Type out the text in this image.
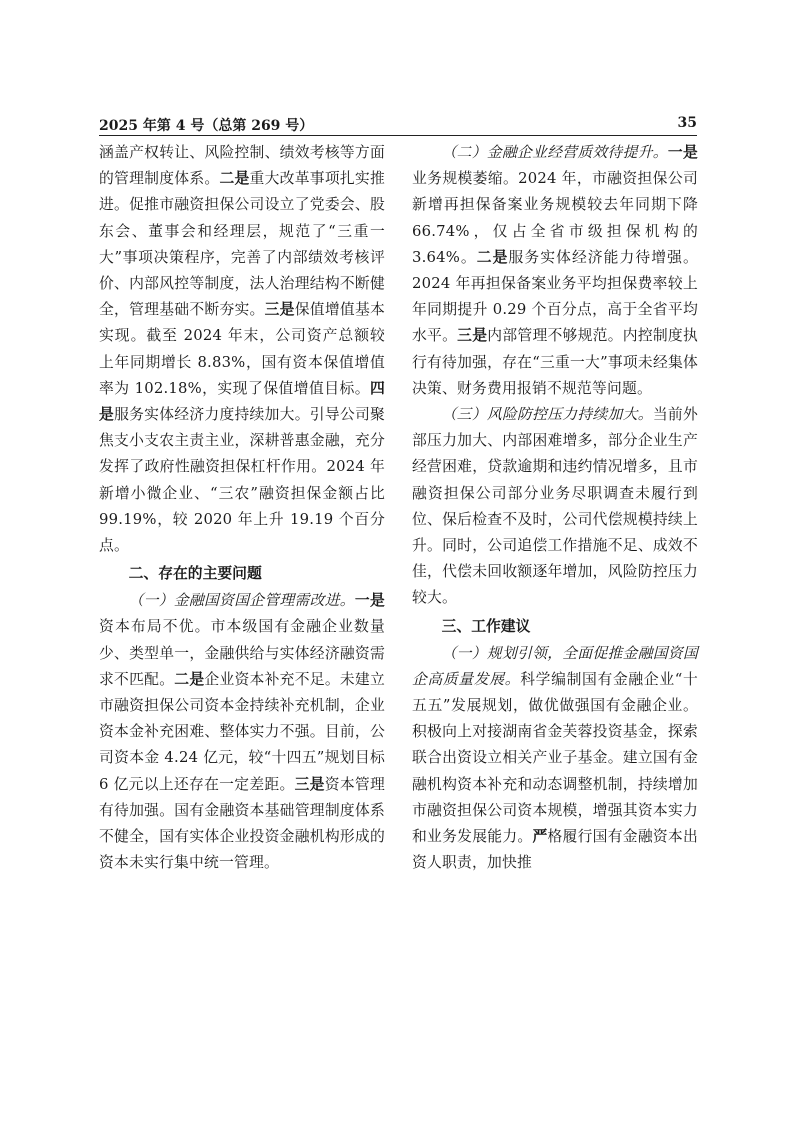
2025 年第 4 号（总第 269 号）	35

涵盖产权转让、风险控制、绩效考核等方面的管理制度体系。二是重大改革事项扎实推进。促推市融资担保公司设立了党委会、股东会、董事会和经理层，规范了“三重一大”事项决策程序，完善了内部绩效考核评价、内部风控等制度，法人治理结构不断健全，管理基础不断夯实。三是保值增值基本实现。截至 2024 年末，公司资产总额较上年同期增长 8.83%，国有资本保值增值率为 102.18%，实现了保值增值目标。四是服务实体经济力度持续加大。引导公司聚焦支小支农主责主业，深耕普惠金融，充分发挥了政府性融资担保杠杆作用。2024 年新增小微企业、“三农”融资担保金额占比 99.19%，较 2020 年上升 19.19 个百分点。

二、存在的主要问题

（一）金融国资国企管理需改进。一是资本布局不优。市本级国有金融企业数量少、类型单一，金融供给与实体经济融资需求不匹配。二是企业资本补充不足。未建立市融资担保公司资本金持续补充机制，企业资本金补充困难、整体实力不强。目前，公司资本金 4.24 亿元，较“十四五”规划目标 6 亿元以上还存在一定差距。三是资本管理有待加强。国有金融资本基础管理制度体系不健全，国有实体企业投资金融机构形成的资本未实行集中统一管理。

（二）金融企业经营质效待提升。一是业务规模萎缩。2024 年，市融资担保公司新增再担保备案业务规模较去年同期下降 66.74%，仅占全省市级担保机构的 3.64%。二是服务实体经济能力待增强。2024 年再担保备案业务平均担保费率较上年同期提升 0.29 个百分点，高于全省平均水平。三是内部管理不够规范。内控制度执行有待加强，存在“三重一大”事项未经集体决策、财务费用报销不规范等问题。

（三）风险防控压力持续加大。当前外部压力加大、内部困难增多，部分企业生产经营困难，贷款逾期和违约情况增多，且市融资担保公司部分业务尽职调查未履行到位、保后检查不及时，公司代偿规模持续上升。同时，公司追偿工作措施不足、成效不佳，代偿未回收额逐年增加，风险防控压力较大。

三、工作建议

（一）规划引领，全面促推金融国资国企高质量发展。科学编制国有金融企业“十五五”发展规划，做优做强国有金融企业。积极向上对接湖南省金芙蓉投资基金，探索联合出资设立相关产业子基金。建立国有金融机构资本补充和动态调整机制，持续增加市融资担保公司资本规模，增强其资本实力和业务发展能力。严格履行国有金融资本出资人职责，加快推
